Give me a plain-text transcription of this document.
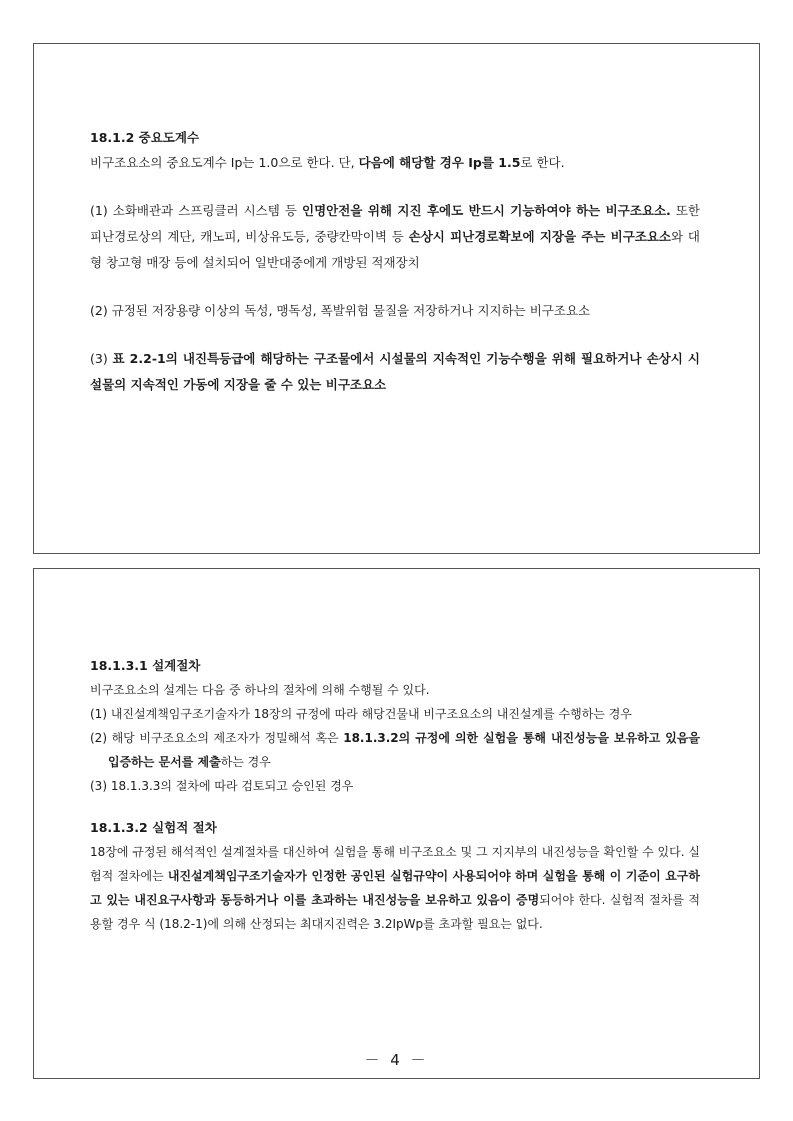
18.1.2 중요도계수

비구조요소의 중요도계수 Ip는 1.0으로 한다. 단, 다음에 해당할 경우 Ip를 1.5로 한다.

(1) 소화배관과 스프링클러 시스템 등 인명안전을 위해 지진 후에도 반드시 기능하여야 하는 비구조요소. 또한 피난경로상의 계단, 캐노피, 비상유도등, 중량칸막이벽 등 손상시 피난경로확보에 지장을 주는 비구조요소와 대형 창고형 매장 등에 설치되어 일반대중에게 개방된 적재장치

(2) 규정된 저장용량 이상의 독성, 맹독성, 폭발위험 물질을 저장하거나 지지하는 비구조요소

(3) 표 2.2-1의 내진특등급에 해당하는 구조물에서 시설물의 지속적인 기능수행을 위해 필요하거나 손상시 시설물의 지속적인 가동에 지장을 줄 수 있는 비구조요소

18.1.3.1 설계절차

비구조요소의 설계는 다음 중 하나의 절차에 의해 수행될 수 있다.

(1) 내진설계책임구조기술자가 18장의 규정에 따라 해당건물내 비구조요소의 내진설계를 수행하는 경우

(2) 해당 비구조요소의 제조자가 정밀해석 혹은 18.1.3.2의 규정에 의한 실험을 통해 내진성능을 보유하고 있음을 입증하는 문서를 제출하는 경우

(3) 18.1.3.3의 절차에 따라 검토되고 승인된 경우

18.1.3.2 실험적 절차

18장에 규정된 해석적인 설계절차를 대신하여 실험을 통해 비구조요소 및 그 지지부의 내진성능을 확인할 수 있다. 실험적 절차에는 내진설계책임구조기술자가 인정한 공인된 실험규약이 사용되어야 하며 실험을 통해 이 기준이 요구하고 있는 내진요구사항과 동등하거나 이를 초과하는 내진성능을 보유하고 있음이 증명되어야 한다. 실험적 절차를 적용할 경우 식 (18.2-1)에 의해 산정되는 최대지진력은 3.2IpWp를 초과할 필요는 없다.

－ 4 －
